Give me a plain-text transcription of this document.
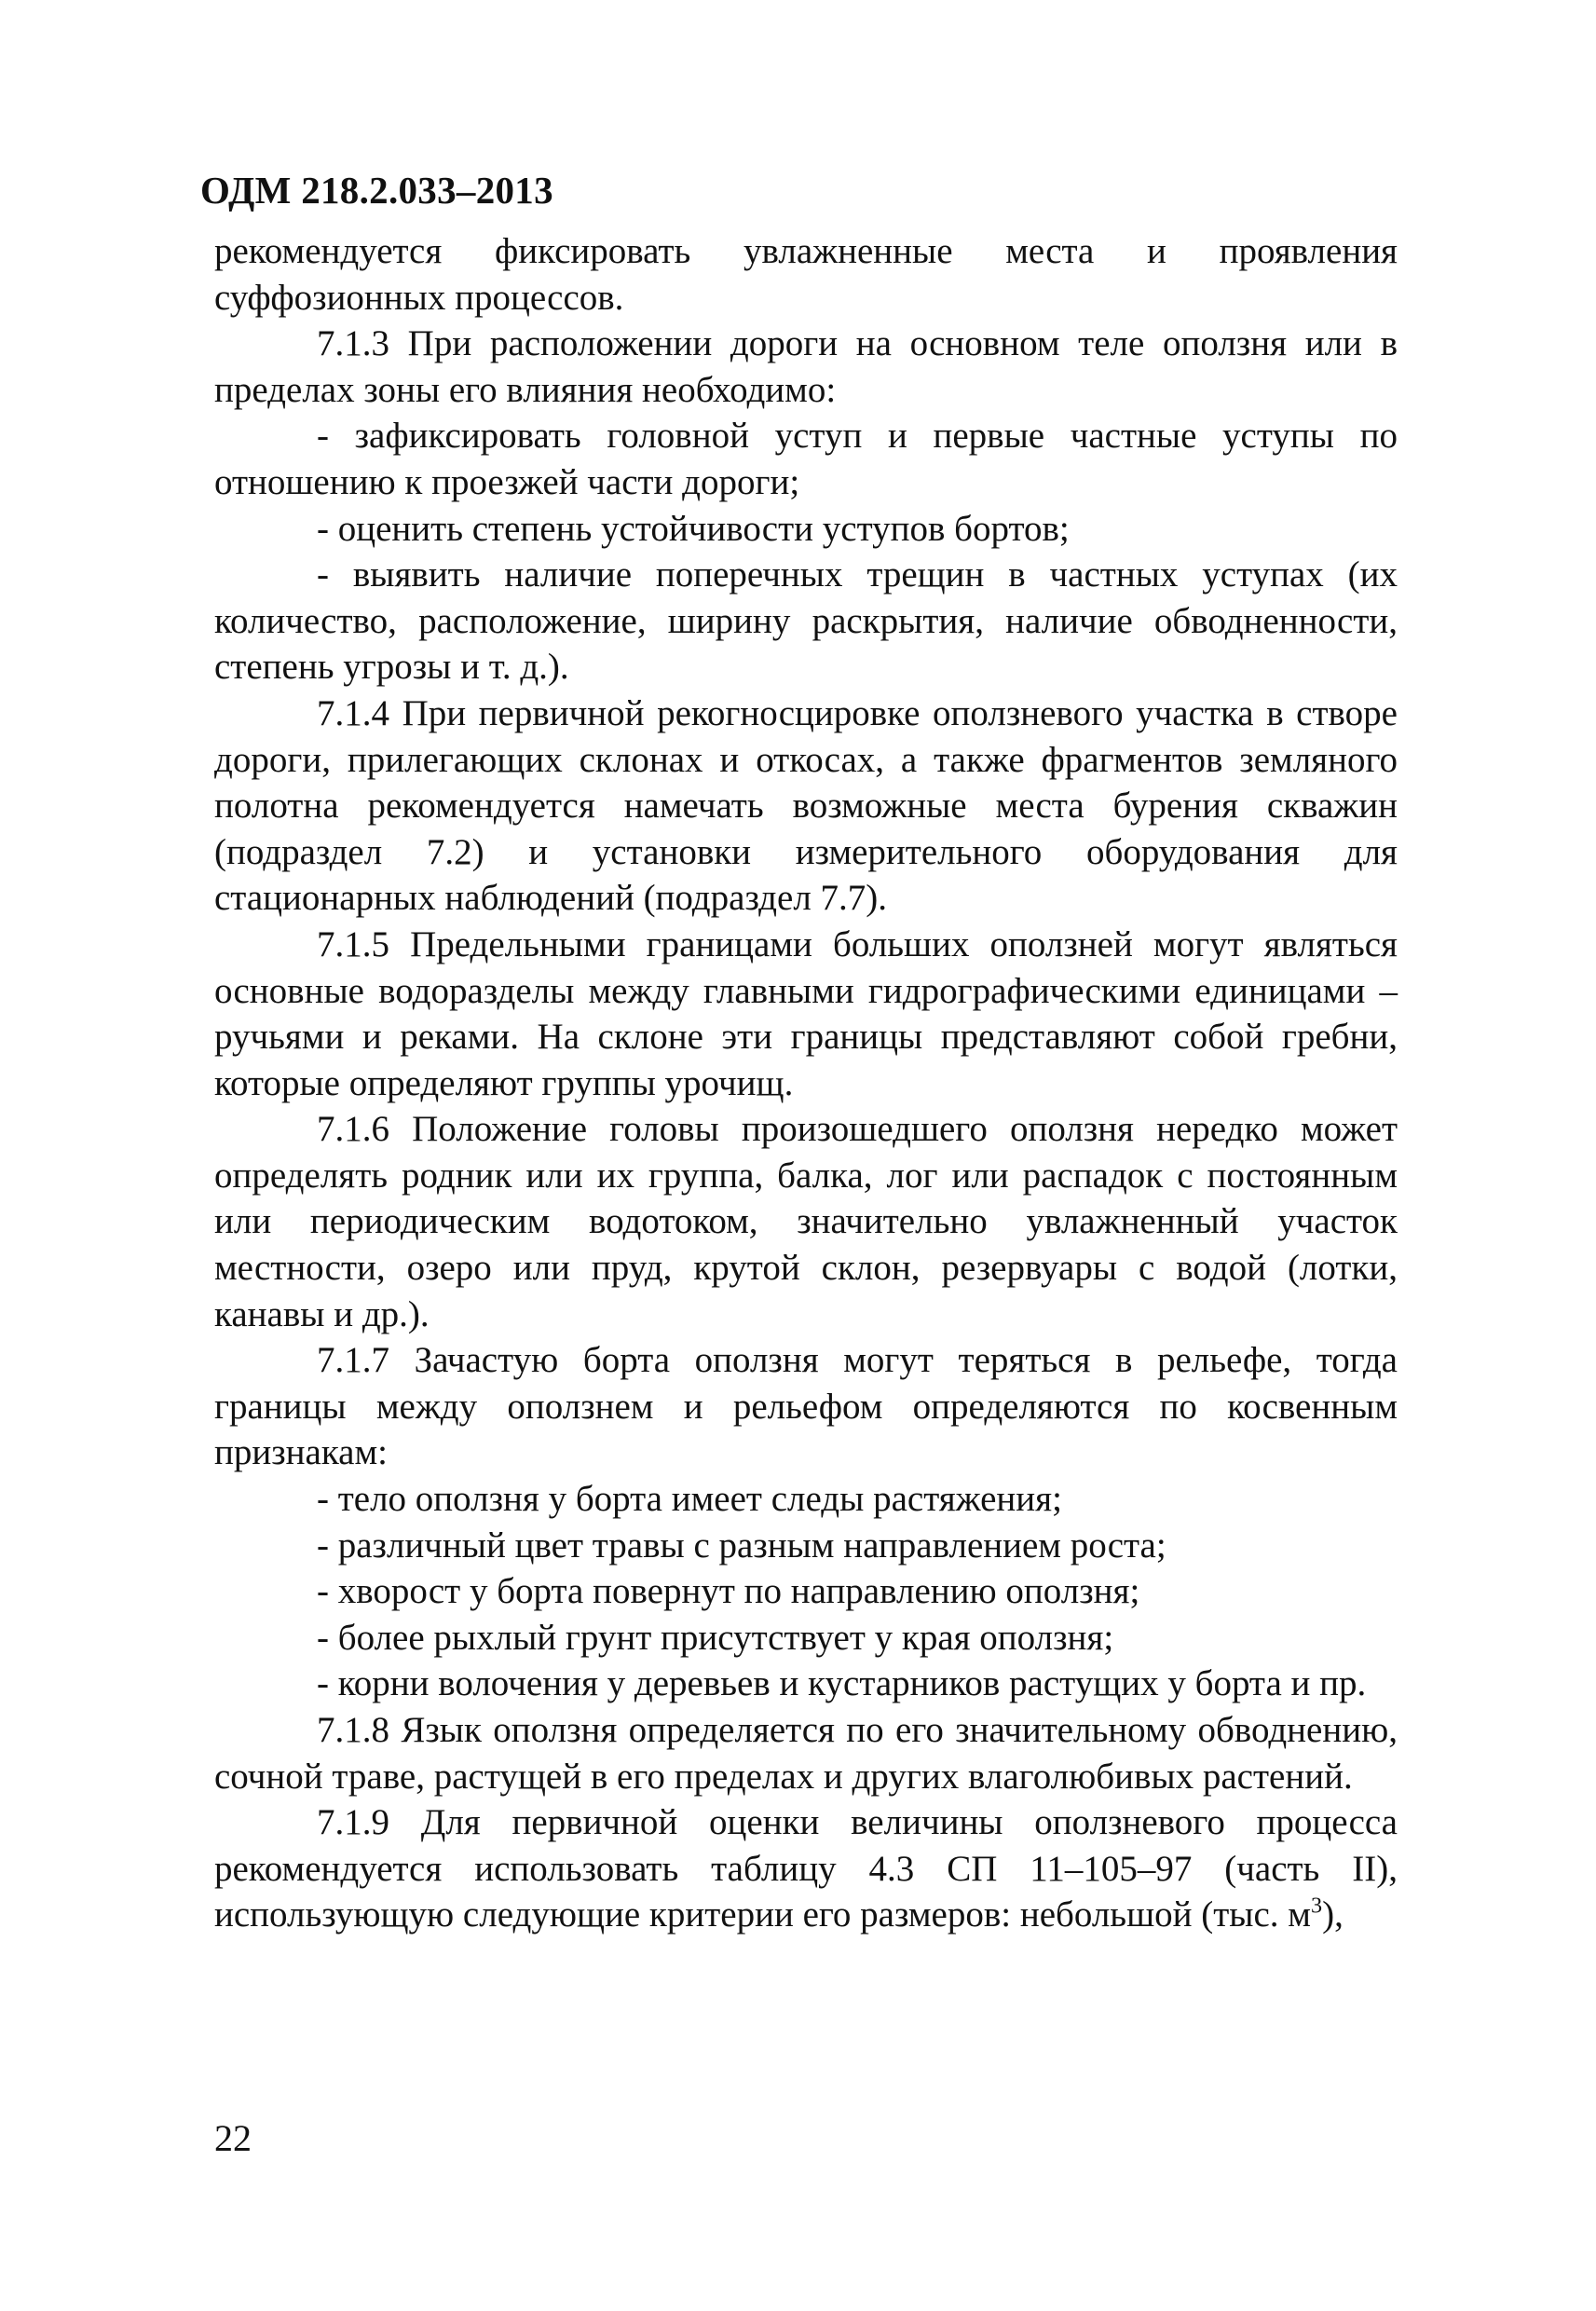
ОДМ 218.2.033–2013

рекомендуется фиксировать увлажненные места и проявления суффозионных процессов.

7.1.3 При расположении дороги на основном теле оползня или в пределах зоны его влияния необходимо:

- зафиксировать головной уступ и первые частные уступы по отношению к проезжей части дороги;

- оценить степень устойчивости уступов бортов;

- выявить наличие поперечных трещин в частных уступах (их количество, расположение, ширину раскрытия, наличие обводненности, степень угрозы и т. д.).

7.1.4 При первичной рекогносцировке оползневого участка в створе дороги, прилегающих склонах и откосах, а также фрагментов земляного полотна рекомендуется намечать возможные места бурения скважин (подраздел 7.2) и установки измерительного оборудования для стационарных наблюдений (подраздел 7.7).

7.1.5 Предельными границами больших оползней могут являться основные водоразделы между главными гидрографическими единицами – ручьями и реками. На склоне эти границы представляют собой гребни, которые определяют группы урочищ.

7.1.6 Положение головы произошедшего оползня нередко может определять родник или их группа, балка, лог или распадок с постоянным или периодическим водотоком, значительно увлажненный участок местности, озеро или пруд, крутой склон, резервуары с водой (лотки, канавы и др.).

7.1.7 Зачастую борта оползня могут теряться в рельефе, тогда границы между оползнем и рельефом определяются по косвенным признакам:

- тело оползня у борта имеет следы растяжения;

- различный цвет травы с разным направлением роста;

- хворост у борта повернут по направлению оползня;

- более рыхлый грунт присутствует у края оползня;

- корни волочения у деревьев и кустарников растущих у борта и пр.

7.1.8 Язык оползня определяется по его значительному обводнению, сочной траве, растущей в его пределах и других влаголюбивых растений.

7.1.9 Для первичной оценки величины оползневого процесса рекомендуется использовать таблицу 4.3 СП 11–105–97 (часть II), использующую следующие критерии его размеров: небольшой (тыс. $м^3$),

22
